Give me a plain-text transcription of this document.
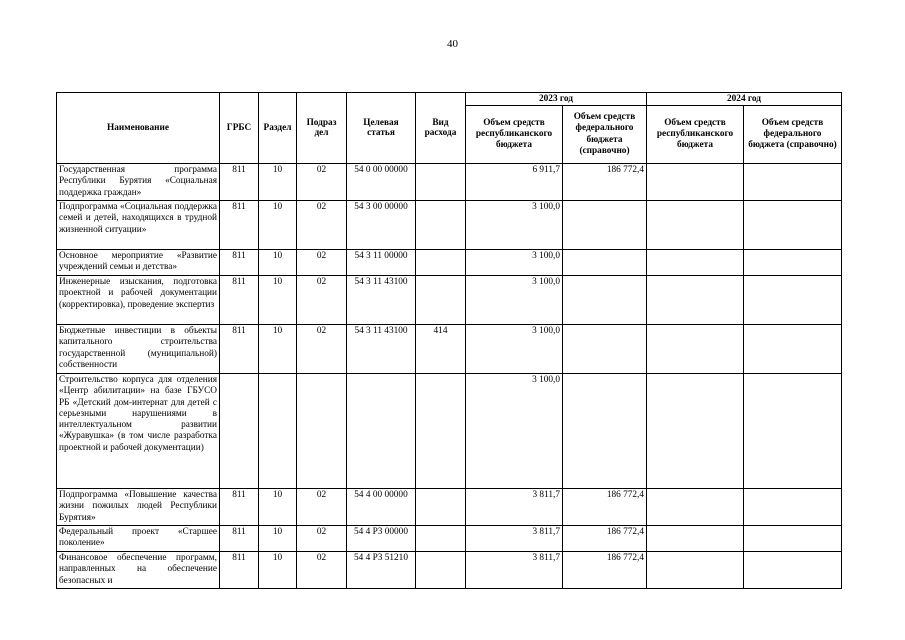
40
Наименование	ГРБС	Раздел	Подраз дел	Целевая статья	Вид расхода	2023 год		2024 год	
						Объем средств республиканского бюджета	Объем средств федерального бюджета (справочно)	Объем средств республиканского бюджета	Объем средств федерального бюджета (справочно)
Государственная программа Республики Бурятия «Социальная поддержка граждан»	811	10	02	54 0 00 00000		6 911,7	186 772,4		
Подпрограмма «Социальная поддержка семей и детей, находящихся в трудной жизненной ситуации»	811	10	02	54 3 00 00000		3 100,0			
Основное мероприятие «Развитие учреждений семьи и детства»	811	10	02	54 3 11 00000		3 100,0			
Инженерные изыскания, подготовка проектной и рабочей документации (корректировка), проведение экспертиз	811	10	02	54 3 11 43100		3 100,0			
Бюджетные инвестиции в объекты капитального строительства государственной (муниципальной) собственности	811	10	02	54 3 11 43100	414	3 100,0			
Строительство корпуса для отделения «Центр абилитации» на базе ГБУСО РБ «Детский дом-интернат для детей с серьезными нарушениями в интеллектуальном развитии «Журавушка» (в том числе разработка проектной и рабочей документации)						3 100,0			
Подпрограмма «Повышение качества жизни пожилых людей Республики Бурятия»	811	10	02	54 4 00 00000		3 811,7	186 772,4		
Федеральный проект «Старшее поколение»	811	10	02	54 4 P3 00000		3 811,7	186 772,4		
Финансовое обеспечение программ, направленных на обеспечение безопасных и	811	10	02	54 4 P3 51210		3 811,7	186 772,4		
